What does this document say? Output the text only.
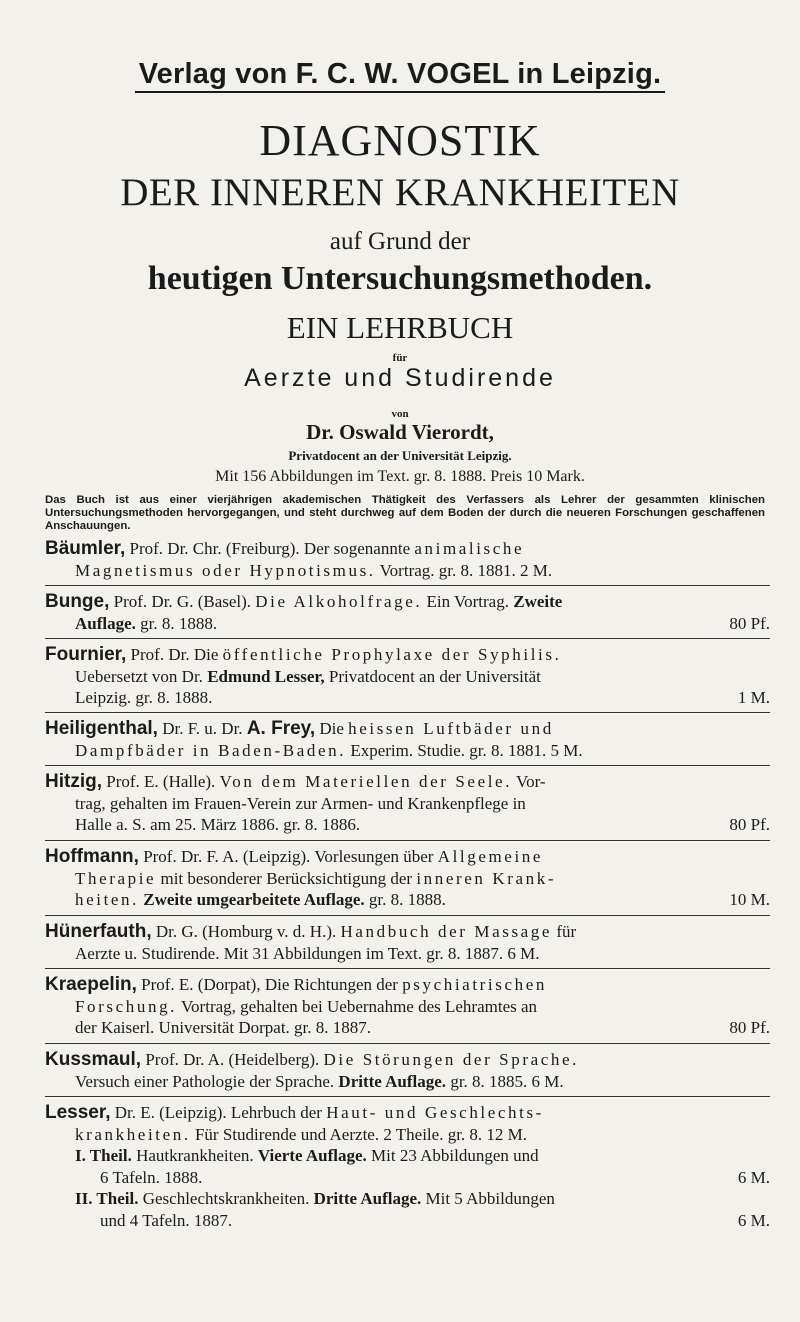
Verlag von F. C. W. VOGEL in Leipzig.
DIAGNOSTIK
DER INNEREN KRANKHEITEN
auf Grund der
heutigen Untersuchungsmethoden.
EIN LEHRBUCH
für
Aerzte und Studirende
von
Dr. Oswald Vierordt,
Privatdocent an der Universität Leipzig.
Mit 156 Abbildungen im Text. gr. 8. 1888. Preis 10 Mark.
Das Buch ist aus einer vierjährigen akademischen Thätigkeit des Verfassers als Lehrer der gesammten klinischen Untersuchungsmethoden hervorgegangen, und steht durchweg auf dem Boden der durch die neueren Forschungen geschaffenen Anschauungen.
Bäumler, Prof. Dr. Chr. (Freiburg). Der sogenannte animalische
Magnetismus oder Hypnotismus. Vortrag. gr. 8. 1881. 2 M.
Bunge, Prof. Dr. G. (Basel). Die Alkoholfrage. Ein Vortrag. Zweite
Auflage. gr. 8. 1888.	80 Pf.
Fournier, Prof. Dr. Die öffentliche Prophylaxe der Syphilis.
Uebersetzt von Dr. Edmund Lesser, Privatdocent an der Universität
Leipzig. gr. 8. 1888.	1 M.
Heiligenthal, Dr. F. u. Dr. A. Frey, Die heissen Luftbäder und
Dampfbäder in Baden-Baden. Experim. Studie. gr. 8. 1881. 5 M.
Hitzig, Prof. E. (Halle). Von dem Materiellen der Seele. Vor-
trag, gehalten im Frauen-Verein zur Armen- und Krankenpflege in
Halle a. S. am 25. März 1886. gr. 8. 1886.	80 Pf.
Hoffmann, Prof. Dr. F. A. (Leipzig). Vorlesungen über Allgemeine
Therapie mit besonderer Berücksichtigung der inneren Krank-
heiten. Zweite umgearbeitete Auflage. gr. 8. 1888.	10 M.
Hünerfauth, Dr. G. (Homburg v. d. H.). Handbuch der Massage für
Aerzte u. Studirende. Mit 31 Abbildungen im Text. gr. 8. 1887. 6 M.
Kraepelin, Prof. E. (Dorpat), Die Richtungen der psychiatrischen
Forschung. Vortrag, gehalten bei Uebernahme des Lehramtes an
der Kaiserl. Universität Dorpat. gr. 8. 1887.	80 Pf.
Kussmaul, Prof. Dr. A. (Heidelberg). Die Störungen der Sprache.
Versuch einer Pathologie der Sprache. Dritte Auflage. gr. 8. 1885. 6 M.
Lesser, Dr. E. (Leipzig). Lehrbuch der Haut- und Geschlechts-
krankheiten. Für Studirende und Aerzte. 2 Theile. gr. 8. 12 M.
I. Theil. Hautkrankheiten. Vierte Auflage. Mit 23 Abbildungen und
6 Tafeln. 1888.	6 M.
II. Theil. Geschlechtskrankheiten. Dritte Auflage. Mit 5 Abbildungen
und 4 Tafeln. 1887.	6 M.
